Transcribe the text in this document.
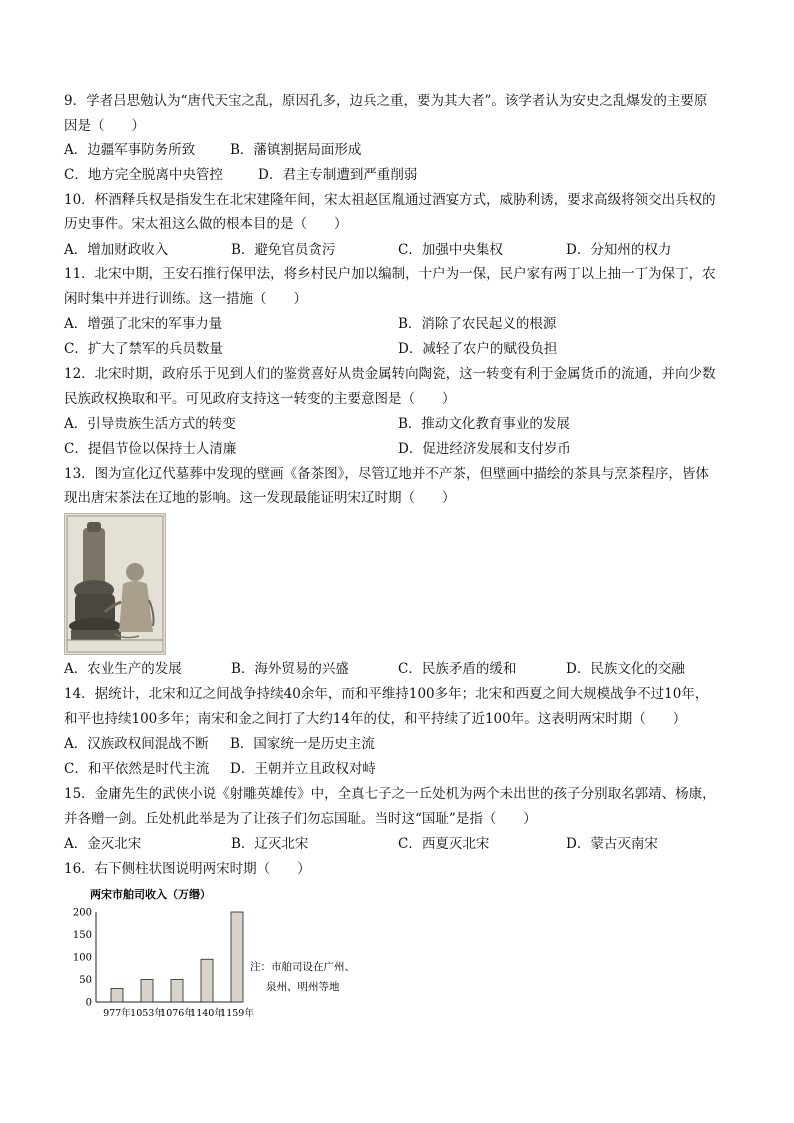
9．学者吕思勉认为“唐代天宝之乱，原因孔多，边兵之重，要为其大者”。该学者认为安史之乱爆发的主要原
因是（　　）
A．边疆军事防务所致	B．藩镇割据局面形成
C．地方完全脱离中央管控	D．君主专制遭到严重削弱
10．杯酒释兵权是指发生在北宋建隆年间，宋太祖赵匡胤通过酒宴方式，威胁利诱，要求高级将领交出兵权的
历史事件。宋太祖这么做的根本目的是（　　）
A．增加财政收入	B．避免官员贪污	C．加强中央集权	D．分知州的权力
11．北宋中期，王安石推行保甲法，将乡村民户加以编制，十户为一保，民户家有两丁以上抽一丁为保丁，农
闲时集中并进行训练。这一措施（　　）
A．增强了北宋的军事力量	B．消除了农民起义的根源
C．扩大了禁军的兵员数量	D．减轻了农户的赋役负担
12．北宋时期，政府乐于见到人们的鉴赏喜好从贵金属转向陶瓷，这一转变有利于金属货币的流通，并向少数
民族政权换取和平。可见政府支持这一转变的主要意图是（　　）
A．引导贵族生活方式的转变	B．推动文化教育事业的发展
C．提倡节俭以保持士人清廉	D．促进经济发展和支付岁币
13．图为宣化辽代墓葬中发现的壁画《备茶图》，尽管辽地并不产茶，但壁画中描绘的茶具与烹茶程序，皆体
现出唐宋茶法在辽地的影响。这一发现最能证明宋辽时期（　　）
A．农业生产的发展	B．海外贸易的兴盛	C．民族矛盾的缓和	D．民族文化的交融
14．据统计，北宋和辽之间战争持续40余年，而和平维持100多年；北宋和西夏之间大规模战争不过10年，
和平也持续100多年；南宋和金之间打了大约14年的仗，和平持续了近100年。这表明两宋时期（　　）
A．汉族政权间混战不断 B．国家统一是历史主流
C．和平依然是时代主流 D．王朝并立且政权对峙
15．金庸先生的武侠小说《射雕英雄传》中，全真七子之一丘处机为两个未出世的孩子分别取名郭靖、杨康，
并各赠一剑。丘处机此举是为了让孩子们勿忘国耻。当时这“国耻”是指（　　）
A．金灭北宋	B．辽灭北宋	C．西夏灭北宋	D．蒙古灭南宋
16．右下侧柱状图说明两宋时期（　　）
两宋市舶司收入（万缗）
200
150
100
50
0
977年 1053年
1076年
1140年
1159年
注：市舶司设在广州、
泉州、明州等地
